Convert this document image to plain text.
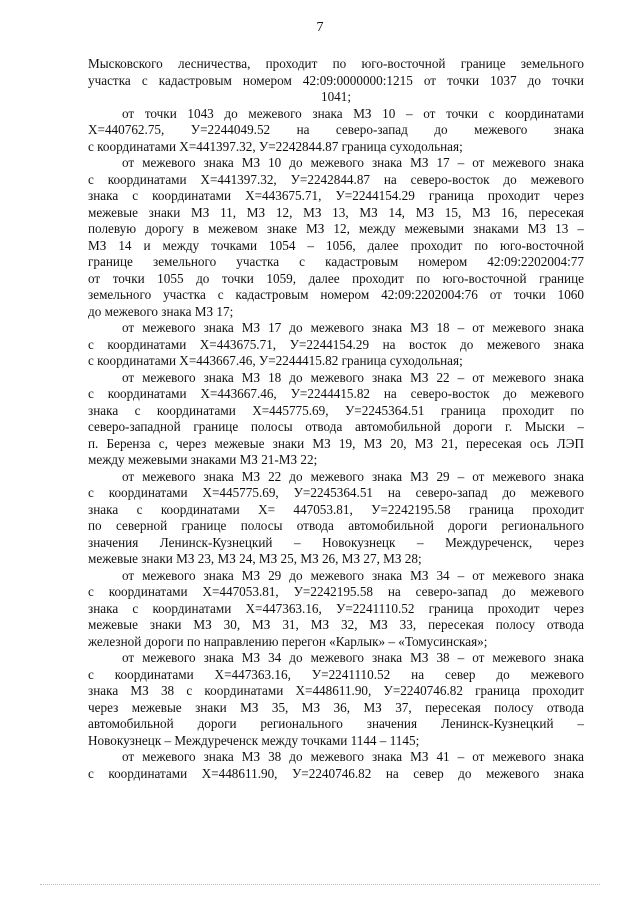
7
Мысковского лесничества, проходит по юго-восточной границе земельного
участка с кадастровым номером 42:09:0000000:1215 от точки 1037 до точки
1041;
от точки 1043 до межевого знака МЗ 10 – от точки с координатами
Х=440762.75, У=2244049.52 на северо-запад до межевого знака
с координатами Х=441397.32, У=2242844.87 граница суходольная;
от межевого знака МЗ 10 до межевого знака МЗ 17 – от межевого знака
с координатами Х=441397.32, У=2242844.87 на северо-восток до межевого
знака с координатами Х=443675.71, У=2244154.29 граница проходит через
межевые знаки МЗ 11, МЗ 12, МЗ 13, МЗ 14, МЗ 15, МЗ 16, пересекая
полевую дорогу в межевом знаке МЗ 12, между межевыми знаками МЗ 13 –
МЗ 14 и между точками 1054 – 1056, далее проходит по юго-восточной
границе земельного участка с кадастровым номером 42:09:2202004:77
от точки 1055 до точки 1059, далее проходит по юго-восточной границе
земельного участка с кадастровым номером 42:09:2202004:76 от точки 1060
до межевого знака МЗ 17;
от межевого знака МЗ 17 до межевого знака МЗ 18 – от межевого знака
с координатами Х=443675.71, У=2244154.29 на восток до межевого знака
с координатами Х=443667.46, У=2244415.82 граница суходольная;
от межевого знака МЗ 18 до межевого знака МЗ 22 – от межевого знака
с координатами Х=443667.46, У=2244415.82 на северо-восток до межевого
знака с координатами Х=445775.69, У=2245364.51 граница проходит по
северо-западной границе полосы отвода автомобильной дороги г. Мыски –
п. Беренза с, через межевые знаки МЗ 19, МЗ 20, МЗ 21, пересекая ось ЛЭП
между межевыми знаками МЗ 21-МЗ 22;
от межевого знака МЗ 22 до межевого знака МЗ 29 – от межевого знака
с координатами Х=445775.69, У=2245364.51 на северо-запад до межевого
знака с координатами Х= 447053.81, У=2242195.58 граница проходит
по северной границе полосы отвода автомобильной дороги регионального
значения Ленинск-Кузнецкий – Новокузнецк – Междуреченск, через
межевые знаки МЗ 23, МЗ 24, МЗ 25, МЗ 26, МЗ 27, МЗ 28;
от межевого знака МЗ 29 до межевого знака МЗ 34 – от межевого знака
с координатами Х=447053.81, У=2242195.58 на северо-запад до межевого
знака с координатами Х=447363.16, У=2241110.52 граница проходит через
межевые знаки МЗ 30, МЗ 31, МЗ 32, МЗ 33, пересекая полосу отвода
железной дороги по направлению перегон «Карлык» – «Томусинская»;
от межевого знака МЗ 34 до межевого знака МЗ 38 – от межевого знака
с координатами Х=447363.16, У=2241110.52 на север до межевого
знака МЗ 38 с координатами Х=448611.90, У=2240746.82 граница проходит
через межевые знаки МЗ 35, МЗ 36, МЗ 37, пересекая полосу отвода
автомобильной дороги регионального значения Ленинск-Кузнецкий –
Новокузнецк – Междуреченск между точками 1144 – 1145;
от межевого знака МЗ 38 до межевого знака МЗ 41 – от межевого знака
с координатами Х=448611.90, У=2240746.82 на север до межевого знака
